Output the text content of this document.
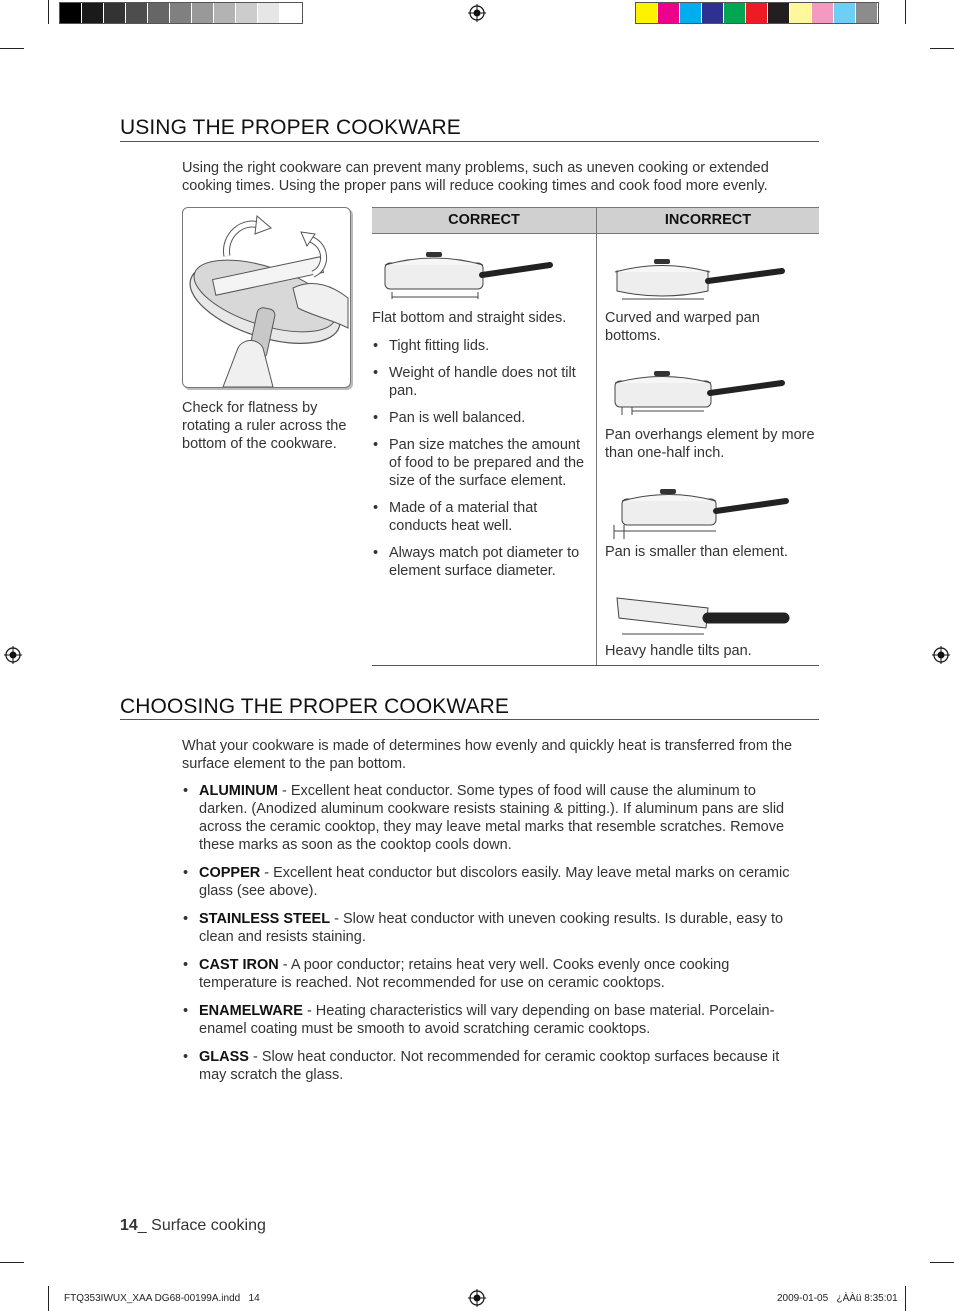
USING THE PROPER COOKWARE

Using the right cookware can prevent many problems, such as uneven cooking or extended cooking times. Using the proper pans will reduce cooking times and cook food more evenly.

Check for flatness by rotating a ruler across the bottom of the cookware.

CORRECT	INCORRECT

Flat bottom and straight sides.

• Tight fitting lids.
• Weight of handle does not tilt pan.
• Pan is well balanced.
• Pan size matches the amount of food to be prepared and the size of the surface element.
• Made of a material that conducts heat well.
• Always match pot diameter to element surface diameter.

Curved and warped pan bottoms.

Pan overhangs element by more than one-half inch.

Pan is smaller than element.

Heavy handle tilts pan.

CHOOSING THE PROPER COOKWARE

What your cookware is made of determines how evenly and quickly heat is transferred from the surface element to the pan bottom.

• ALUMINUM - Excellent heat conductor. Some types of food will cause the aluminum to darken. (Anodized aluminum cookware resists staining & pitting.). If aluminum pans are slid across the ceramic cooktop, they may leave metal marks that resemble scratches. Remove these marks as soon as the cooktop cools down.
• COPPER - Excellent heat conductor but discolors easily. May leave metal marks on ceramic glass (see above).
• STAINLESS STEEL - Slow heat conductor with uneven cooking results. Is durable, easy to clean and resists staining.
• CAST IRON - A poor conductor; retains heat very well. Cooks evenly once cooking temperature is reached. Not recommended for use on ceramic cooktops.
• ENAMELWARE - Heating characteristics will vary depending on base material. Porcelain-enamel coating must be smooth to avoid scratching ceramic cooktops.
• GLASS - Slow heat conductor. Not recommended for ceramic cooktop surfaces because it may scratch the glass.
14_ Surface cooking
FTQ353IWUX_XAA DG68-00199A.indd   14	2009-01-05   ¿ÀÀü 8:35:01
